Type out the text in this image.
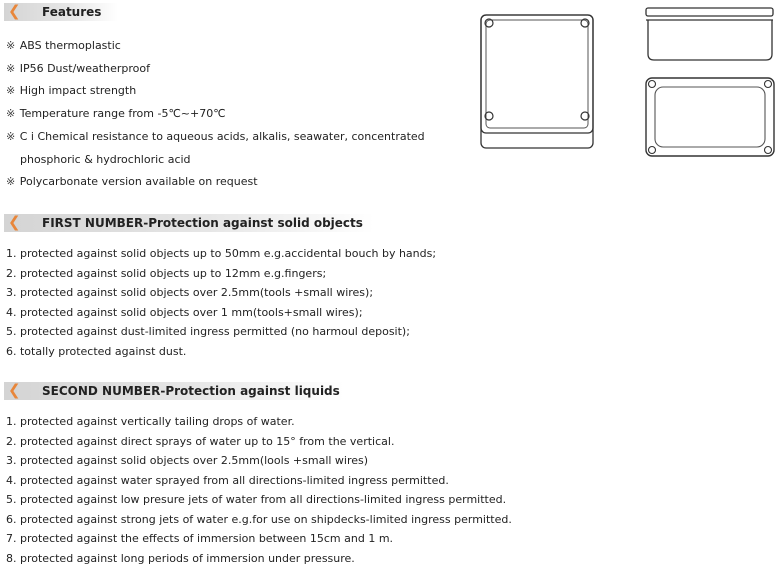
❮ Features
※ ABS thermoplastic
※ IP56 Dust/weatherproof
※ High impact strength
※ Temperature range from -5℃~+70℃
※ C i Chemical resistance to aqueous acids, alkalis, seawater, concentrated
phosphoric & hydrochloric acid
※ Polycarbonate version available on request
❮ FIRST NUMBER-Protection against solid objects
1. protected against solid objects up to 50mm e.g.accidental bouch by hands;
2. protected against solid objects up to 12mm e.g.fingers;
3. protected against solid objects over 2.5mm(tools +small wires);
4. protected against solid objects over 1 mm(tools+small wires);
5. protected against dust-limited ingress permitted (no harmoul deposit);
6. totally protected against dust.
❮ SECOND NUMBER-Protection against liquids
1. protected against vertically tailing drops of water.
2. protected against direct sprays of water up to 15° from the vertical.
3. protected against solid objects over 2.5mm(lools +small wires)
4. protected against water sprayed from all directions-limited ingress permitted.
5. protected against low presure jets of water from all directions-limited ingress permitted.
6. protected against strong jets of water e.g.for use on shipdecks-limited ingress permitted.
7. protected against the effects of immersion between 15cm and 1 m.
8. protected against long periods of immersion under pressure.
